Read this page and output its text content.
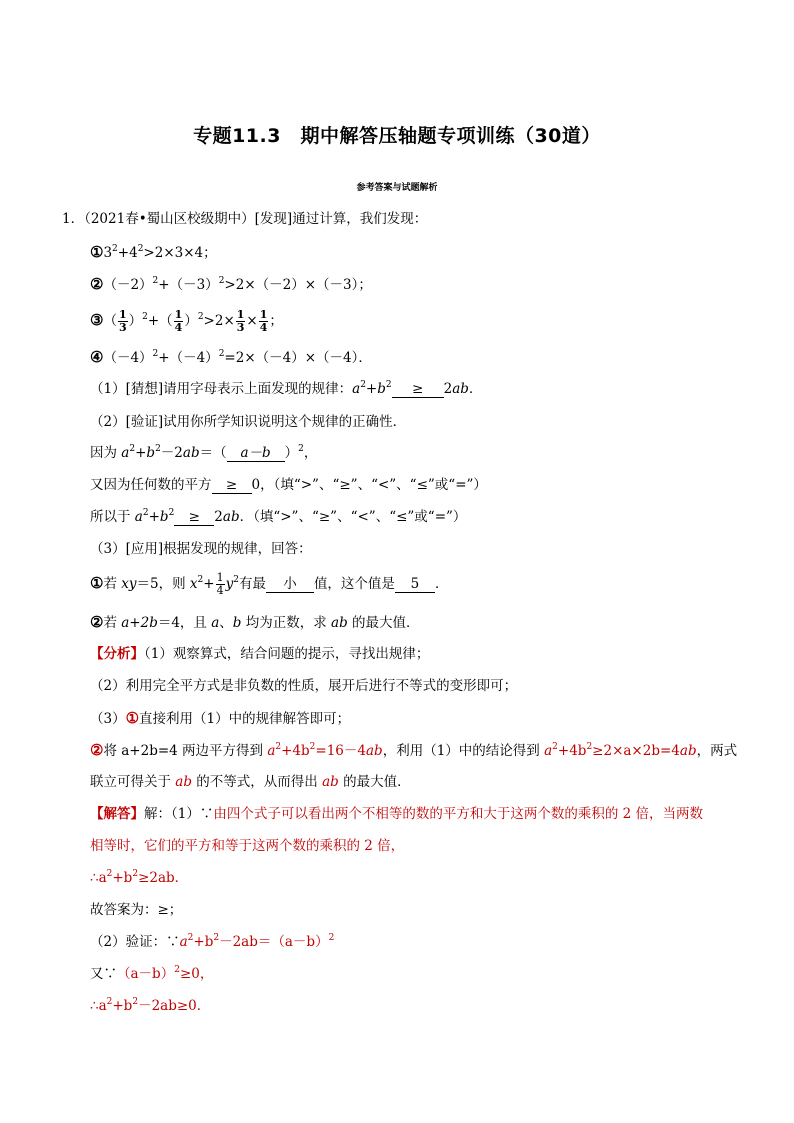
专题11.3　期中解答压轴题专项训练（30道）
参考答案与试题解析
1．（2021春•蜀山区校级期中）[发现]通过计算，我们发现：
$①3^2+4^2>2\times 3\times 4$；
$②(-2)^2+(-3)^2>2\times(-2)\times(-3)$；
③（ $\frac{1}{3} )^2+( \frac{1}{4} )^2>2\times \frac{1}{3} \times \frac{1}{4}$ ；
$④(-4)^2+(-4)^2=2\times(-4)\times(-4)$．
（1）[猜想]请用字母表示上面发现的规律：$a^2+b^2 \ge 2ab$．
（2）[验证]试用你所学知识说明这个规律的正确性．
因为 $a^2+b^2-2ab=$（ a－b ）$^2$，
又因为任何数的平方 ≥ 0，（填“>”、“≥”、“<”、“≤”或“=”）
所以于 $a^2+b^2 \ge 2ab$．（填“>”、“≥”、“<”、“≤”或“=”）
（3）[应用]根据发现的规律，回答：
①若 xy＝5，则 $x^2+ \frac{1}{4} y^2$有最 小 值，这个值是 5 ．
②若 a+2b＝4，且 a、b 均为正数，求 ab 的最大值．
【分析】（1）观察算式，结合问题的提示，寻找出规律；
（2）利用完全平方式是非负数的性质，展开后进行不等式的变形即可；
（3）①直接利用（1）中的规律解答即可；
②将 a+2b=4 两边平方得到 $a^2+4b^2=16-4ab$，利用（1）中的结论得到 $a^2+4b^2\ge 2\times a\times 2b=4ab$，两式
联立可得关于 ab 的不等式，从而得出 ab 的最大值．
【解答】解：（1）∵由四个式子可以看出两个不相等的数的平方和大于这两个数的乘积的 2 倍，当两数
相等时，它们的平方和等于这两个数的乘积的 2 倍，
$\therefore a^2+b^2\ge 2ab$．
故答案为：≥；
（2）验证：$\because a^2+b^2-2ab=(a-b)^2$
又$\because(a-b)^2\ge 0$，
$\therefore a^2+b^2-2ab\ge 0$．
